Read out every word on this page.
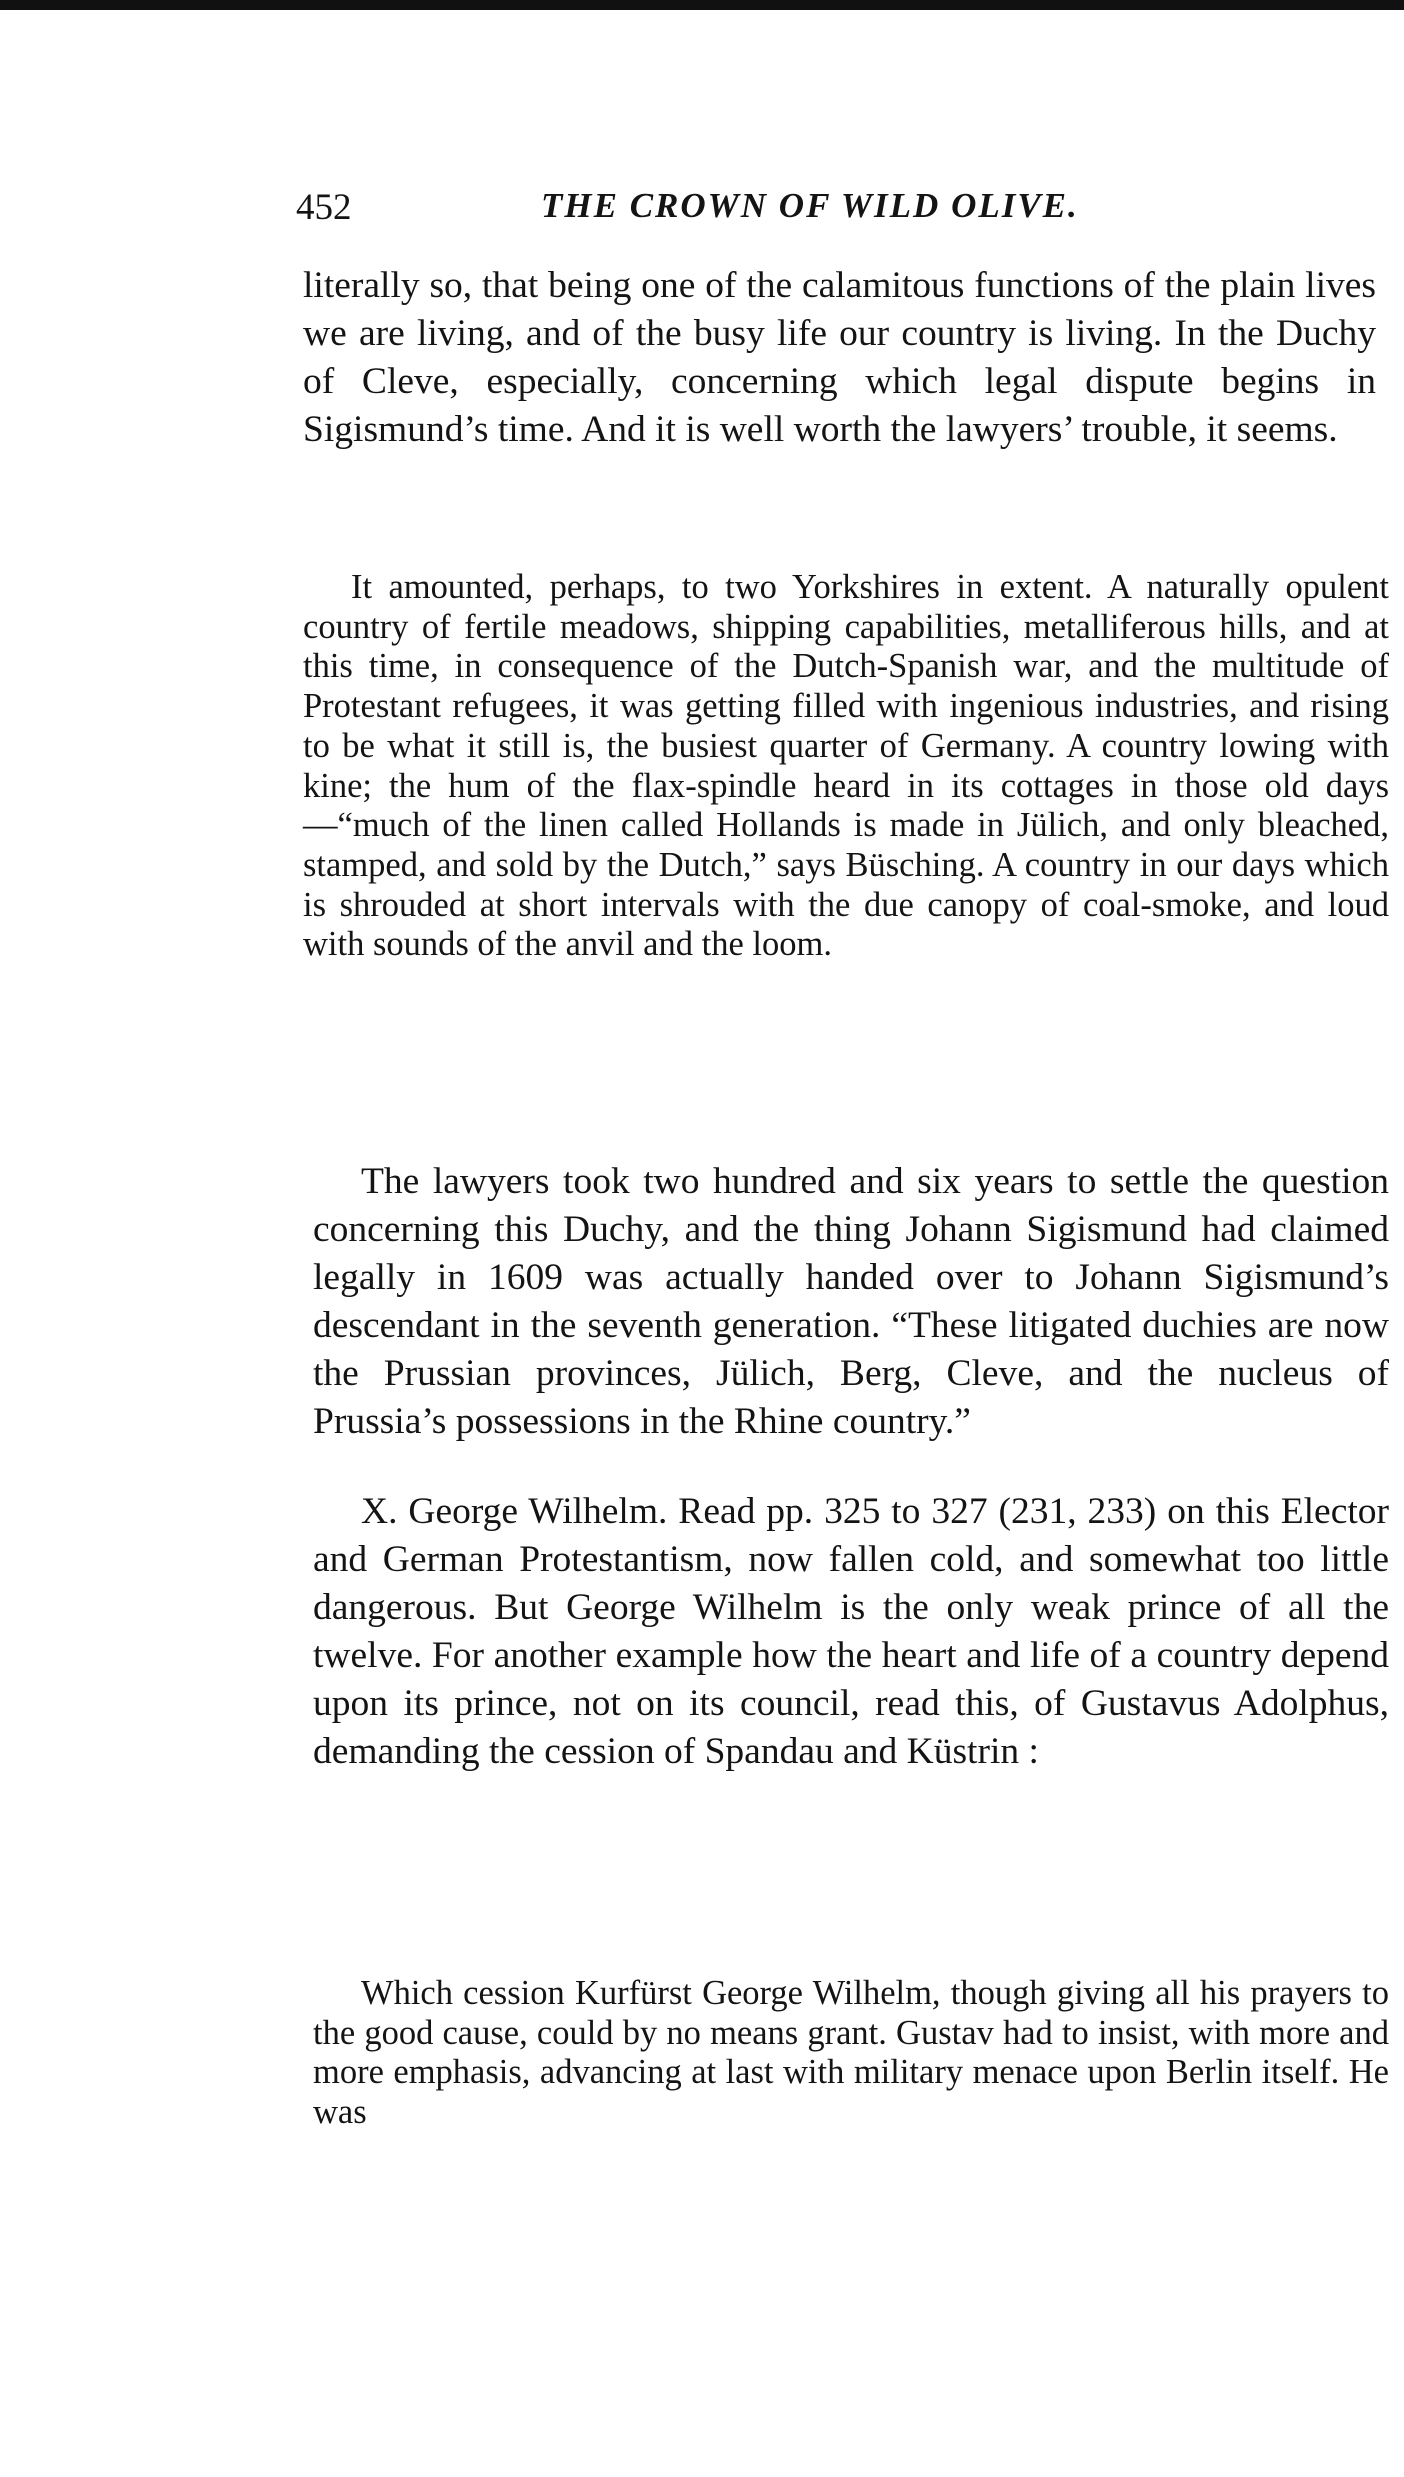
452	THE CROWN OF WILD OLIVE.

literally so, that being one of the calamitous functions of the plain lives we are living, and of the busy life our country is living. In the Duchy of Cleve, especially, concerning which legal dispute begins in Sigismund’s time. And it is well worth the lawyers’ trouble, it seems.

It amounted, perhaps, to two Yorkshires in extent. A naturally opulent country of fertile meadows, shipping capabilities, metalliferous hills, and at this time, in consequence of the Dutch-Spanish war, and the multitude of Protestant refugees, it was getting filled with ingenious industries, and rising to be what it still is, the busiest quarter of Germany. A country lowing with kine; the hum of the flax-spindle heard in its cottages in those old days—“much of the linen called Hollands is made in Jülich, and only bleached, stamped, and sold by the Dutch,” says Büsching. A country in our days which is shrouded at short intervals with the due canopy of coal-smoke, and loud with sounds of the anvil and the loom.

The lawyers took two hundred and six years to settle the question concerning this Duchy, and the thing Johann Sigismund had claimed legally in 1609 was actually handed over to Johann Sigismund’s descendant in the seventh generation. “These litigated duchies are now the Prussian provinces, Jülich, Berg, Cleve, and the nucleus of Prussia’s possessions in the Rhine country.”

X. George Wilhelm. Read pp. 325 to 327 (231, 233) on this Elector and German Protestantism, now fallen cold, and somewhat too little dangerous. But George Wilhelm is the only weak prince of all the twelve. For another example how the heart and life of a country depend upon its prince, not on its council, read this, of Gustavus Adolphus, demanding the cession of Spandau and Küstrin :

Which cession Kurfürst George Wilhelm, though giving all his prayers to the good cause, could by no means grant. Gustav had to insist, with more and more emphasis, advancing at last with military menace upon Berlin itself. He was
